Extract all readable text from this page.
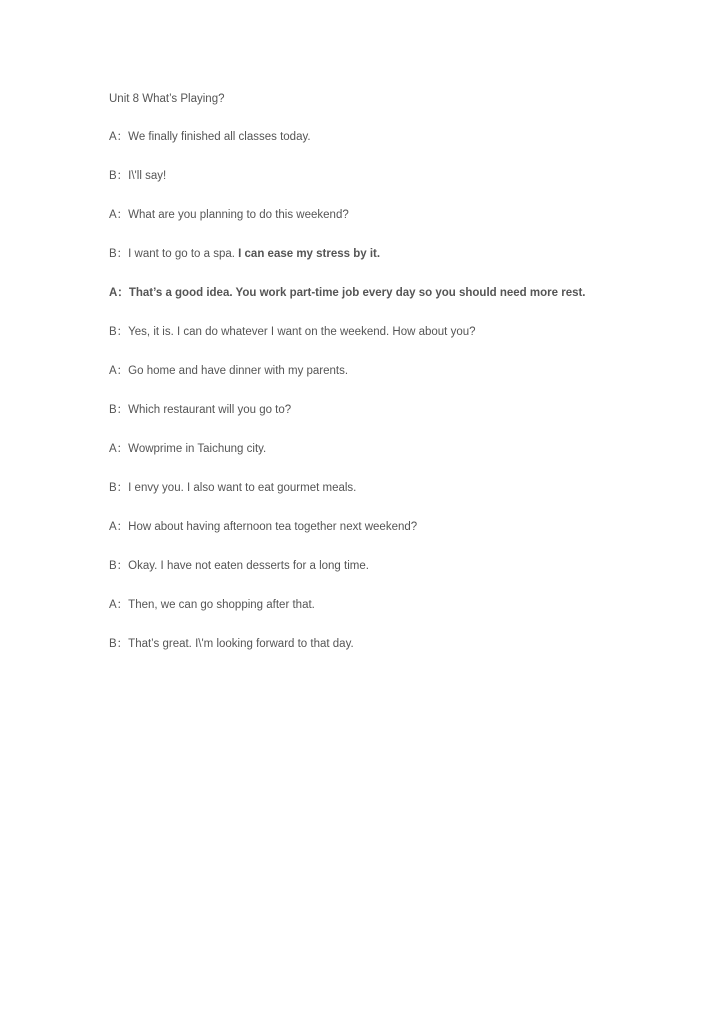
Unit 8 What’s Playing?
A：We finally finished all classes today.
B：I\'ll say!
A：What are you planning to do this weekend?
B：I want to go to a spa. I can ease my stress by it.
A：That’s a good idea. You work part-time job every day so you should need more rest.
B：Yes, it is. I can do whatever I want on the weekend. How about you?
A：Go home and have dinner with my parents.
B：Which restaurant will you go to?
A：Wowprime in Taichung city.
B：I envy you. I also want to eat gourmet meals.
A：How about having afternoon tea together next weekend?
B：Okay. I have not eaten desserts for a long time.
A：Then, we can go shopping after that.
B：That’s great. I\'m looking forward to that day.
